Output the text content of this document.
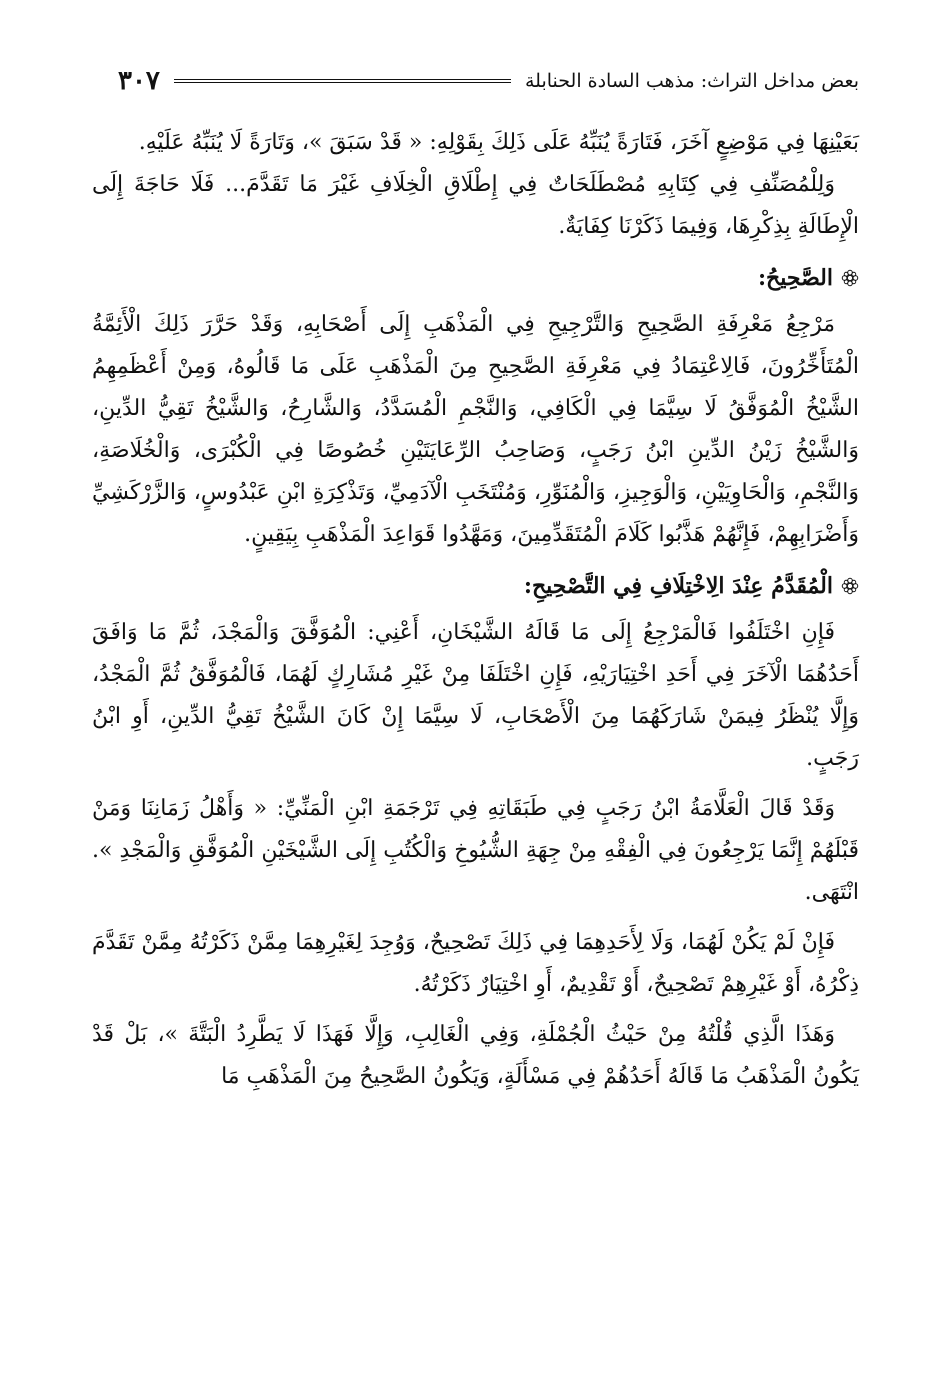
بعض مداخل التراث: مذهب السادة الحنابلة
٣٠٧

بَعَيْنِهَا فِي مَوْضِعٍ آخَرَ، فَتَارَةً يُنَبِّهُ عَلَى ذَلِكَ بِقَوْلِهِ: « قَدْ سَبَقَ »، وَتَارَةً لَا يُنَبِّهُ عَلَيْهِ.

وَلِلْمُصَنِّفِ فِي كِتَابِهِ مُصْطَلَحَاتٌ فِي إِطْلَاقِ الْخِلَافِ غَيْرَ مَا تَقَدَّمَ... فَلَا حَاجَةَ إِلَى الْإِطَالَةِ بِذِكْرِهَا، وَفِيمَا ذَكَرْنَا كِفَايَةٌ.

الصَّحِيحُ:

مَرْجِعُ مَعْرِفَةِ الصَّحِيحِ وَالتَّرْجِيحِ فِي الْمَذْهَبِ إِلَى أَصْحَابِهِ، وَقَدْ حَرَّرَ ذَلِكَ الْأَئِمَّةُ الْمُتَأَخِّرُونَ، فَالِاعْتِمَادُ فِي مَعْرِفَةِ الصَّحِيحِ مِنَ الْمَذْهَبِ عَلَى مَا قَالُوهُ، وَمِنْ أَعْظَمِهِمُ الشَّيْخُ الْمُوَفَّقُ لَا سِيَّمَا فِي الْكَافِي، وَالنَّجْمِ الْمُسَدَّدُ، وَالشَّارِحُ، وَالشَّيْخُ تَقِيُّ الدِّينِ، وَالشَّيْخُ زَيْنُ الدِّينِ ابْنُ رَجَبٍ، وَصَاحِبُ الرِّعَايَتَيْنِ خُصُوصًا فِي الْكُبْرَى، وَالْخُلَاصَةِ، وَالنَّجْمِ، وَالْحَاوِيَيْنِ، وَالْوَجِيزِ، وَالْمُنَوِّرِ، وَمُنْتَخَبِ الْآدَمِيِّ، وَتَذْكِرَةِ ابْنِ عَبْدُوسٍ، وَالزَّرْكَشِيِّ وَأَضْرَابِهِمْ، فَإِنَّهُمْ هَذَّبُوا كَلَامَ الْمُتَقَدِّمِينَ، وَمَهَّدُوا قَوَاعِدَ الْمَذْهَبِ بِيَقِينٍ.

الْمُقَدَّمُ عِنْدَ الِاخْتِلَافِ فِي التَّصْحِيحِ:

فَإِنِ اخْتَلَفُوا فَالْمَرْجِعُ إِلَى مَا قَالَهُ الشَّيْخَانِ، أَعْنِي: الْمُوَفَّقَ وَالْمَجْدَ، ثُمَّ مَا وَافَقَ أَحَدُهُمَا الْآخَرَ فِي أَحَدِ اخْتِيَارَيْهِ، فَإِنِ اخْتَلَفَا مِنْ غَيْرِ مُشَارِكٍ لَهُمَا، فَالْمُوَفَّقُ ثُمَّ الْمَجْدُ، وَإِلَّا يُنْظَرُ فِيمَنْ شَارَكَهُمَا مِنَ الْأَصْحَابِ، لَا سِيَّمَا إِنْ كَانَ الشَّيْخُ تَقِيُّ الدِّينِ، أَوِ ابْنُ رَجَبٍ.

وَقَدْ قَالَ الْعَلَّامَةُ ابْنُ رَجَبٍ فِي طَبَقَاتِهِ فِي تَرْجَمَةِ ابْنِ الْمَنِّيِّ: « وَأَهْلُ زَمَانِنَا وَمَنْ قَبْلَهُمْ إِنَّمَا يَرْجِعُونَ فِي الْفِقْهِ مِنْ جِهَةِ الشُّيُوخِ وَالْكُتُبِ إِلَى الشَّيْخَيْنِ الْمُوَفَّقِ وَالْمَجْدِ ». انْتَهَى.

فَإِنْ لَمْ يَكُنْ لَهُمَا، وَلَا لِأَحَدِهِمَا فِي ذَلِكَ تَصْحِيحٌ، وَوُجِدَ لِغَيْرِهِمَا مِمَّنْ ذَكَرْتُهُ مِمَّنْ تَقَدَّمَ ذِكْرُهُ، أَوْ غَيْرِهِمْ تَصْحِيحٌ، أَوْ تَقْدِيمٌ، أَوِ اخْتِيَارٌ ذَكَرْتُهُ.

وَهَذَا الَّذِي قُلْتُهُ مِنْ حَيْثُ الْجُمْلَةِ، وَفِي الْغَالِبِ، وَإِلَّا فَهَذَا لَا يَطَّرِدُ الْبَتَّةَ »، بَلْ قَدْ يَكُونُ الْمَذْهَبُ مَا قَالَهُ أَحَدُهُمْ فِي مَسْأَلَةٍ، وَيَكُونُ الصَّحِيحُ مِنَ الْمَذْهَبِ مَا
